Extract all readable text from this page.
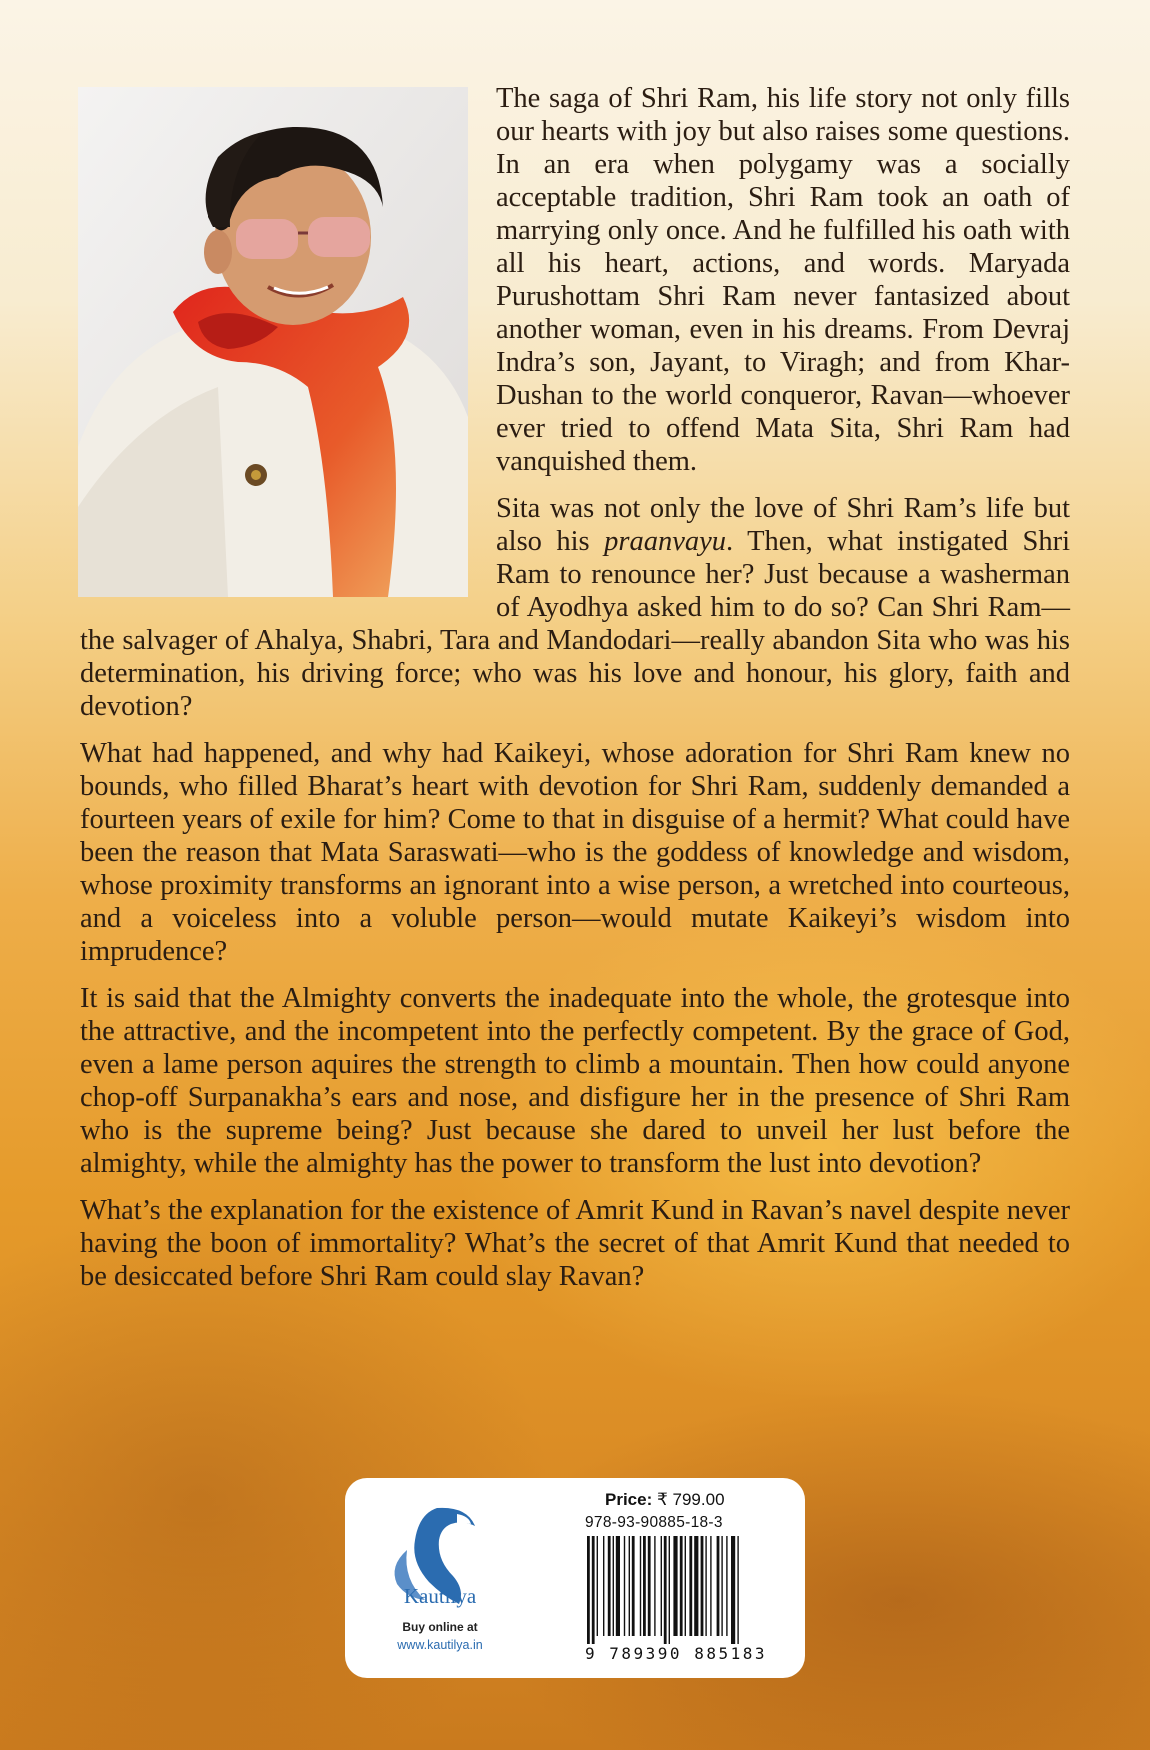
The saga of Shri Ram, his life story not only fills our hearts with joy but also raises some questions. In an era when polygamy was a socially acceptable tradition, Shri Ram took an oath of marrying only once. And he fulfilled his oath with all his heart, actions, and words. Maryada Purushottam Shri Ram never fantasized about another woman, even in his dreams. From Devraj Indra’s son, Jayant, to Viragh; and from Khar-Dushan to the world conqueror, Ravan—whoever ever tried to offend Mata Sita, Shri Ram had vanquished them.

Sita was not only the love of Shri Ram’s life but also his praanvayu. Then, what instigated Shri Ram to renounce her? Just because a washerman of Ayodhya asked him to do so? Can Shri Ram—the salvager of Ahalya, Shabri, Tara and Mandodari—really abandon Sita who was his determination, his driving force; who was his love and honour, his glory, faith and devotion?

What had happened, and why had Kaikeyi, whose adoration for Shri Ram knew no bounds, who filled Bharat’s heart with devotion for Shri Ram, suddenly demanded a fourteen years of exile for him? Come to that in disguise of a hermit? What could have been the reason that Mata Saraswati—who is the goddess of knowledge and wisdom, whose proximity transforms an ignorant into a wise person, a wretched into courteous, and a voiceless into a voluble person—would mutate Kaikeyi’s wisdom into imprudence?

It is said that the Almighty converts the inadequate into the whole, the grotesque into the attractive, and the incompetent into the perfectly competent. By the grace of God, even a lame person aquires the strength to climb a mountain. Then how could anyone chop-off Surpanakha’s ears and nose, and disfigure her in the presence of Shri Ram who is the supreme being? Just because she dared to unveil her lust before the almighty, while the almighty has the power to transform the lust into devotion?

What’s the explanation for the existence of Amrit Kund in Ravan’s navel despite never having the boon of immortality? What’s the secret of that Amrit Kund that needed to be desiccated before Shri Ram could slay Ravan?

Kautilya
Buy online at
www.kautilya.in
Price: ₹ 799.00
978-93-90885-18-3
9 789390 885183
